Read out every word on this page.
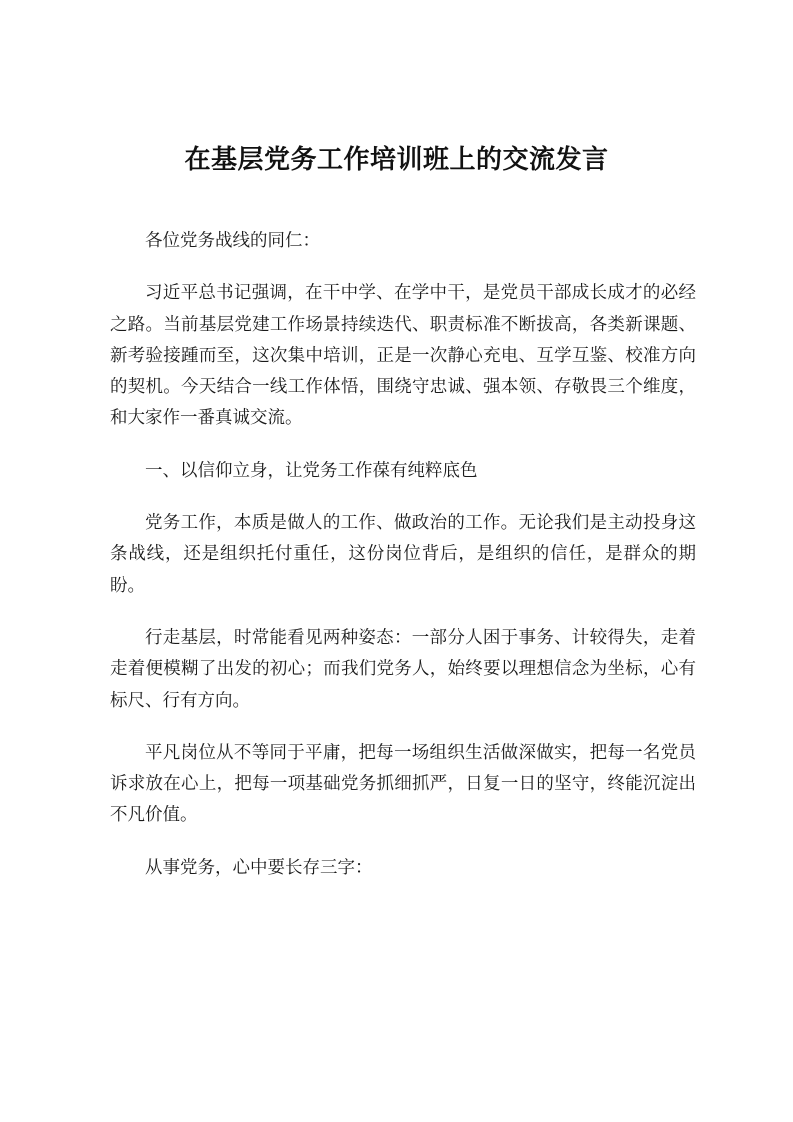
在基层党务工作培训班上的交流发言

各位党务战线的同仁：

习近平总书记强调，在干中学、在学中干，是党员干部成长成才的必经之路。当前基层党建工作场景持续迭代、职责标准不断拔高，各类新课题、新考验接踵而至，这次集中培训，正是一次静心充电、互学互鉴、校准方向的契机。今天结合一线工作体悟，围绕守忠诚、强本领、存敬畏三个维度，和大家作一番真诚交流。

一、以信仰立身，让党务工作葆有纯粹底色

党务工作，本质是做人的工作、做政治的工作。无论我们是主动投身这条战线，还是组织托付重任，这份岗位背后，是组织的信任，是群众的期盼。

行走基层，时常能看见两种姿态：一部分人困于事务、计较得失，走着走着便模糊了出发的初心；而我们党务人，始终要以理想信念为坐标，心有标尺、行有方向。

平凡岗位从不等同于平庸，把每一场组织生活做深做实，把每一名党员诉求放在心上，把每一项基础党务抓细抓严，日复一日的坚守，终能沉淀出不凡价值。

从事党务，心中要长存三字：
